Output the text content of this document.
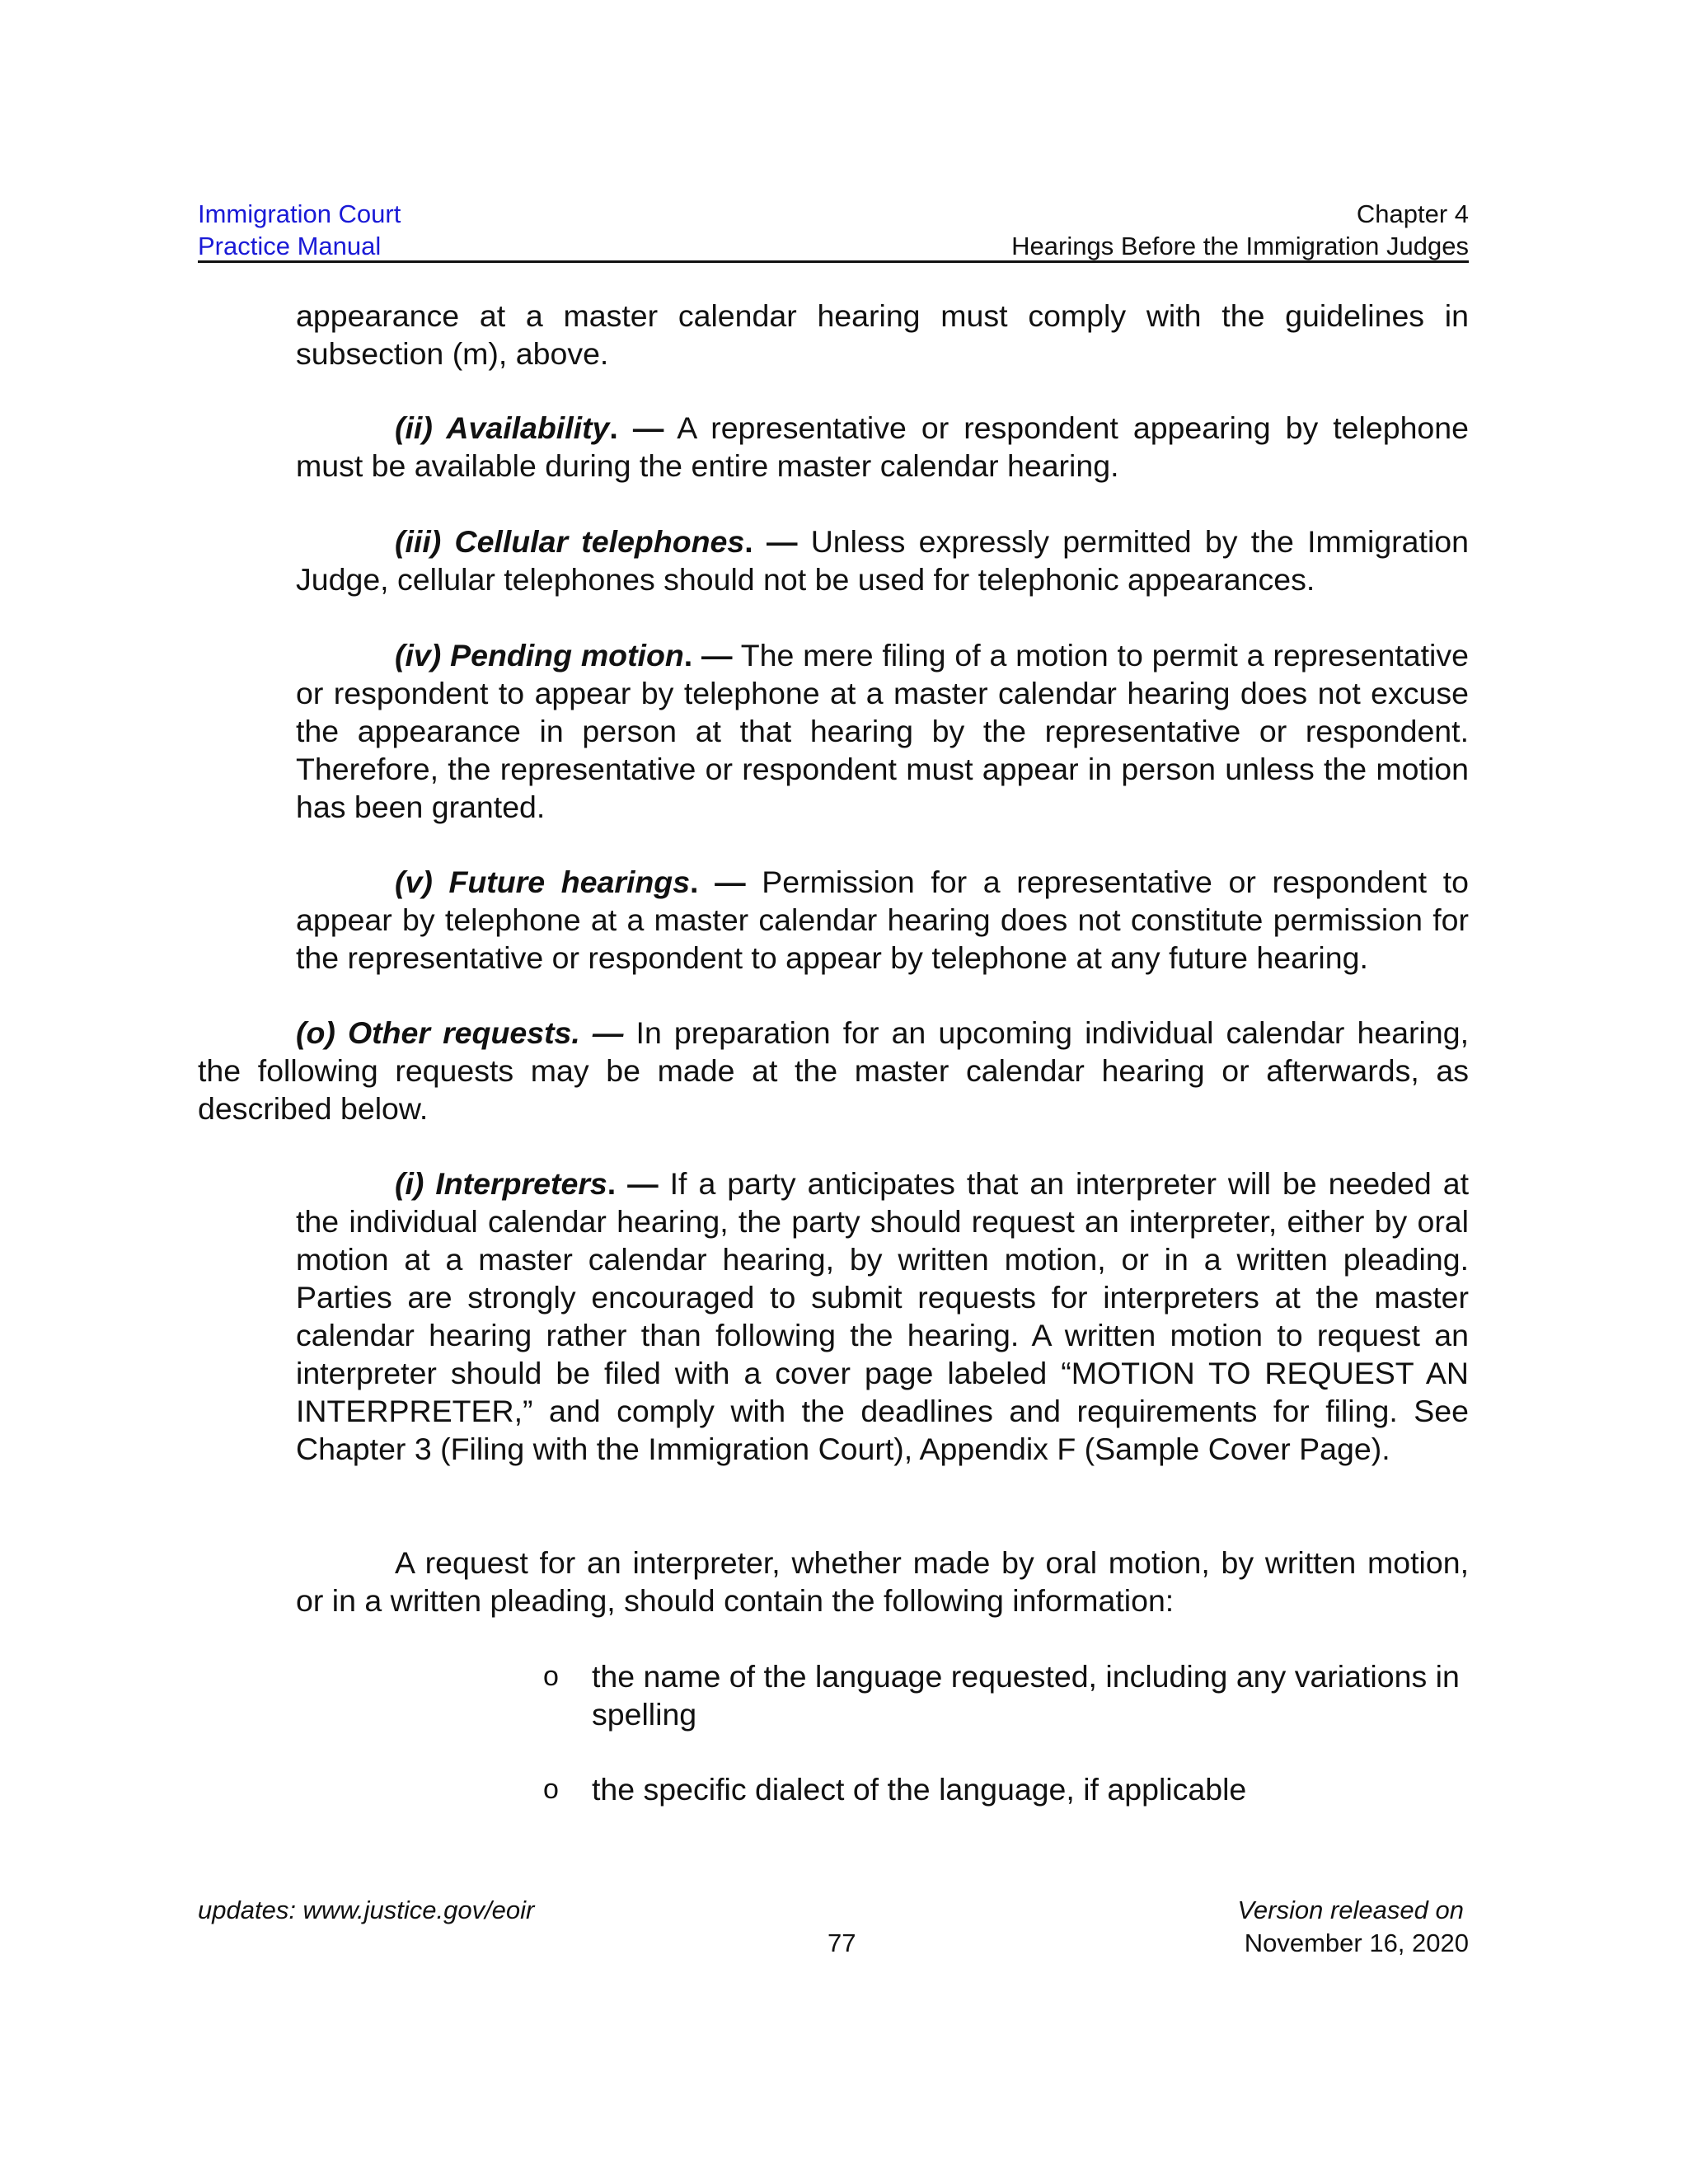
Immigration Court
Practice Manual
Chapter 4
Hearings Before the Immigration Judges

appearance at a master calendar hearing must comply with the guidelines in subsection (m), above.

(ii) Availability. — A representative or respondent appearing by telephone must be available during the entire master calendar hearing.

(iii) Cellular telephones. — Unless expressly permitted by the Immigration Judge, cellular telephones should not be used for telephonic appearances.

(iv) Pending motion. — The mere filing of a motion to permit a representative or respondent to appear by telephone at a master calendar hearing does not excuse the appearance in person at that hearing by the representative or respondent. Therefore, the representative or respondent must appear in person unless the motion has been granted.

(v) Future hearings. — Permission for a representative or respondent to appear by telephone at a master calendar hearing does not constitute permission for the representative or respondent to appear by telephone at any future hearing.

(o) Other requests. — In preparation for an upcoming individual calendar hearing, the following requests may be made at the master calendar hearing or afterwards, as described below.

(i) Interpreters. — If a party anticipates that an interpreter will be needed at the individual calendar hearing, the party should request an interpreter, either by oral motion at a master calendar hearing, by written motion, or in a written pleading. Parties are strongly encouraged to submit requests for interpreters at the master calendar hearing rather than following the hearing. A written motion to request an interpreter should be filed with a cover page labeled “MOTION TO REQUEST AN INTERPRETER,” and comply with the deadlines and requirements for filing. See Chapter 3 (Filing with the Immigration Court), Appendix F (Sample Cover Page).

A request for an interpreter, whether made by oral motion, by written motion, or in a written pleading, should contain the following information:

o the name of the language requested, including any variations in spelling
o the specific dialect of the language, if applicable
updates: www.justice.gov/eoir
77
Version released on
November 16, 2020
